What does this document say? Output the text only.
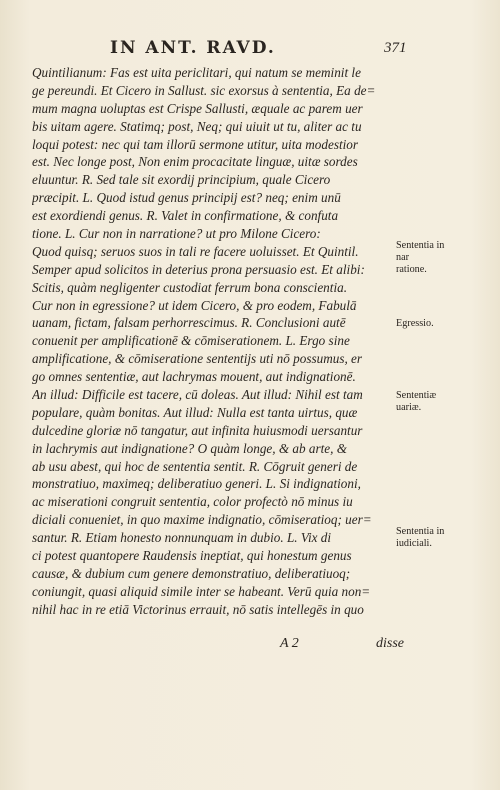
IN ANT. RAVD.	371
Quintilianum: Fas est uita periclitari, qui natum se meminit le
ge pereundi. Et Cicero in Sallust. sic exorsus à sententia, Ea de=
mum magna uoluptas est Crispe Sallusti, æquale ac parem uer
bis uitam agere. Statimq; post, Neq; qui uiuit ut tu, aliter ac tu
loqui potest: nec qui tam illorū sermone utitur, uita modestior
est. Nec longe post, Non enim procacitate linguæ, uitæ sordes
eluuntur. R. Sed tale sit exordij principium, quale Cicero
præcipit. L. Quod istud genus principij est? neq; enim unū
est exordiendi genus. R. Valet in confirmatione, & confuta
tione. L. Cur non in narratione? ut pro Milone Cicero:
Quod quisq; seruos suos in tali re facere uoluisset. Et Quintil.
Semper apud solicitos in deterius prona persuasio est. Et alibi:
Scitis, quàm negligenter custodiat ferrum bona conscientia.
Cur non in egressione? ut idem Cicero, & pro eodem, Fabulā
uanam, fictam, falsam perhorrescimus. R. Conclusioni autē
conuenit per amplificationē & cōmiserationem. L. Ergo sine
amplificatione, & cōmiseratione sententijs uti nō possumus, er
go omnes sententiæ, aut lachrymas mouent, aut indignationē.
An illud: Difficile est tacere, cū doleas. Aut illud: Nihil est tam
populare, quàm bonitas. Aut illud: Nulla est tanta uirtus, quæ
dulcedine gloriæ nō tangatur, aut infinita huiusmodi uersantur
in lachrymis aut indignatione? O quàm longe, & ab arte, &
ab usu abest, qui hoc de sententia sentit. R. Cōgruit generi de
monstratiuo, maximeq; deliberatiuo generi. L. Si indignationi,
ac miserationi congruit sententia, color profectò nō minus iu
diciali conueniet, in quo maxime indignatio, cōmiseratioq; uer=
santur. R. Etiam honesto nonnunquam in dubio. L. Vix di
ci potest quantopere Raudensis ineptiat, qui honestum genus
causæ, & dubium cum genere demonstratiuo, deliberatiuoq;
coniungit, quasi aliquid simile inter se habeant. Verū quia non=
nihil hac in re etiā Victorinus errauit, nō satis intellegēs in quo
A 2	disse
Sententia in nar
ratione.
Egressio.
Sententiæ
uariæ.
Sententia in
iudiciali.
